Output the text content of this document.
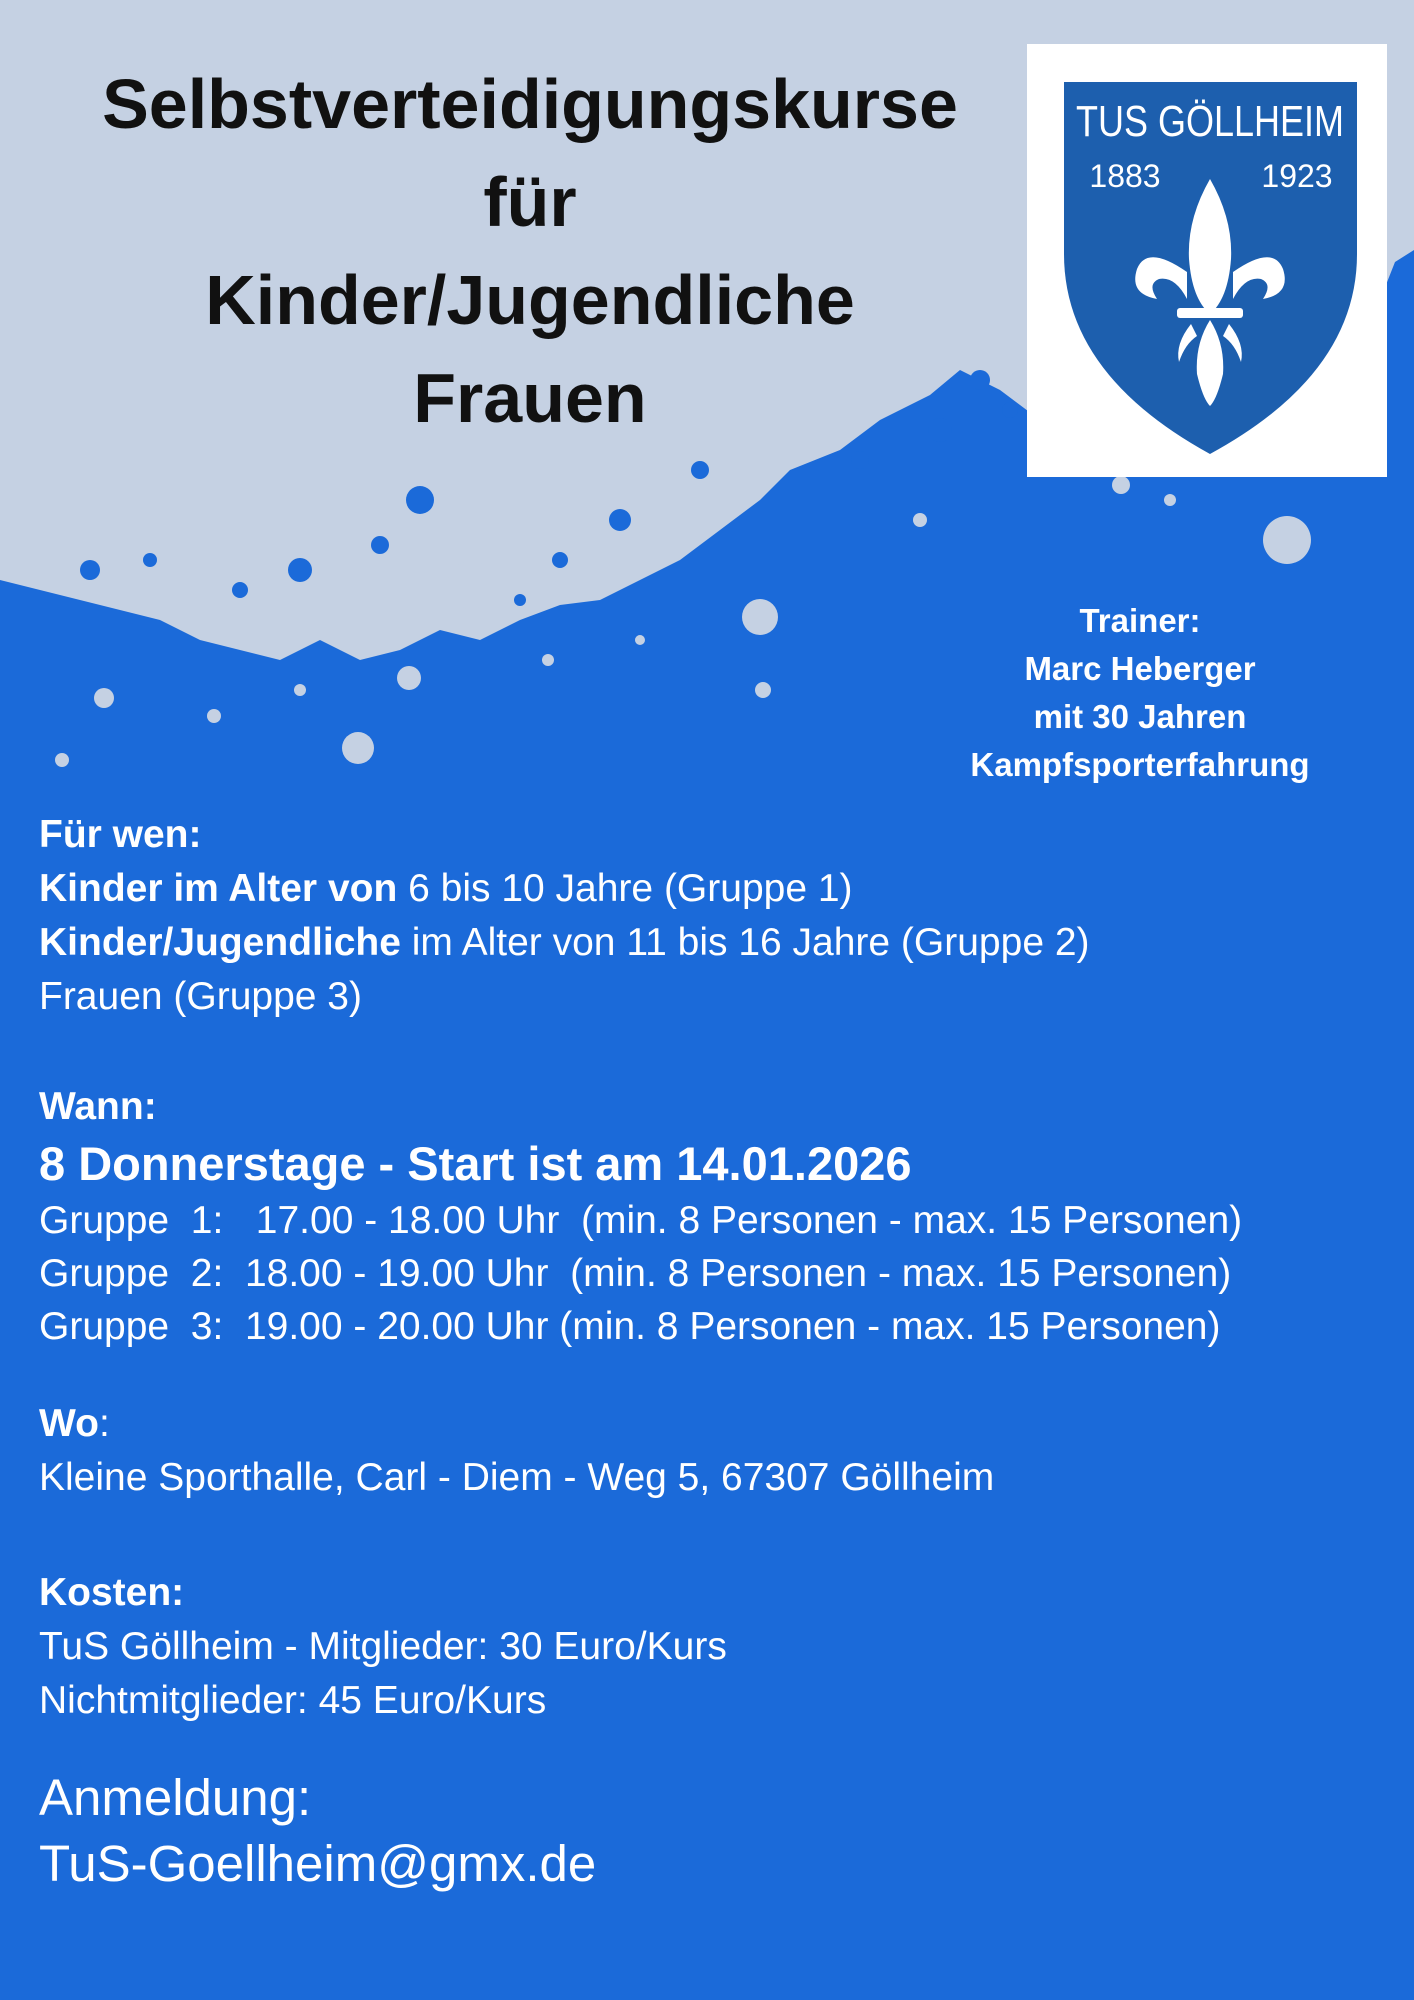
Selbstverteidigungskurse
für
Kinder/Jugendliche
Frauen
TUS GÖLLHEIM
1883	1923
Trainer:
Marc Heberger
mit 30 Jahren
Kampfsporterfahrung
Für wen:
Kinder im Alter von 6 bis 10 Jahre (Gruppe 1)
Kinder/Jugendliche im Alter von 11 bis 16 Jahre (Gruppe 2)
Frauen (Gruppe 3)
Wann:
8 Donnerstage - Start ist am 14.01.2026
Gruppe  1:   17.00 - 18.00 Uhr  (min. 8 Personen - max. 15 Personen)
Gruppe  2:  18.00 - 19.00 Uhr  (min. 8 Personen - max. 15 Personen)
Gruppe  3:  19.00 - 20.00 Uhr (min. 8 Personen - max. 15 Personen)
Wo:
Kleine Sporthalle, Carl - Diem - Weg 5, 67307 Göllheim
Kosten:
TuS Göllheim - Mitglieder: 30 Euro/Kurs
Nichtmitglieder: 45 Euro/Kurs
Anmeldung:
TuS-Goellheim@gmx.de
